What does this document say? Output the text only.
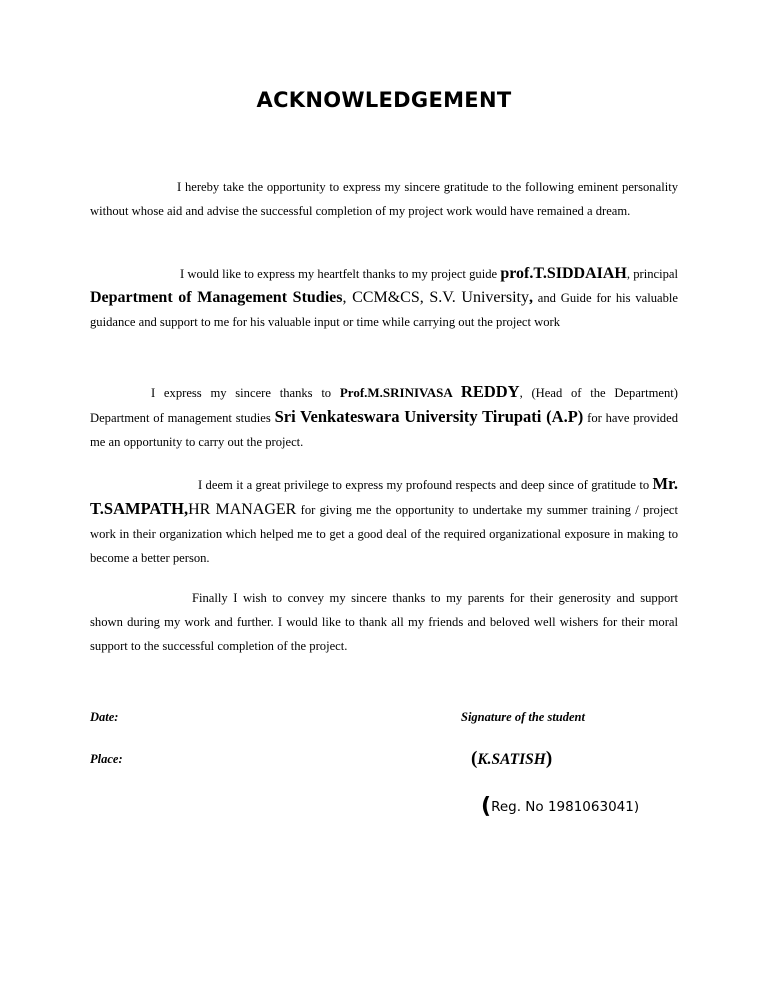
ACKNOWLEDGEMENT

I hereby take the opportunity to express my sincere gratitude to the following eminent personality without whose aid and advise the successful completion of my project work would have remained a dream.

I would like to express my heartfelt thanks to my project guide prof.T.SIDDAIAH, principal Department of Management Studies, CCM&CS, S.V. University, and Guide for his valuable guidance and support to me for his valuable input or time while carrying out the project work

I express my sincere thanks to Prof.M.SRINIVASA REDDY, (Head of the Department) Department of management studies Sri Venkateswara University Tirupati (A.P) for have provided me an opportunity to carry out the project.

I deem it a great privilege to express my profound respects and deep since of gratitude to Mr. T.SAMPATH,HR MANAGER for giving me the opportunity to undertake my summer training / project work in their organization which helped me to get a good deal of the required organizational exposure in making to become a better person.

Finally I wish to convey my sincere thanks to my parents for their generosity and support shown during my work and further. I would like to thank all my friends and beloved well wishers for their moral support to the successful completion of the project.

Date:	Signature of the student

Place:	(K.SATISH)

(Reg. No 1981063041)
